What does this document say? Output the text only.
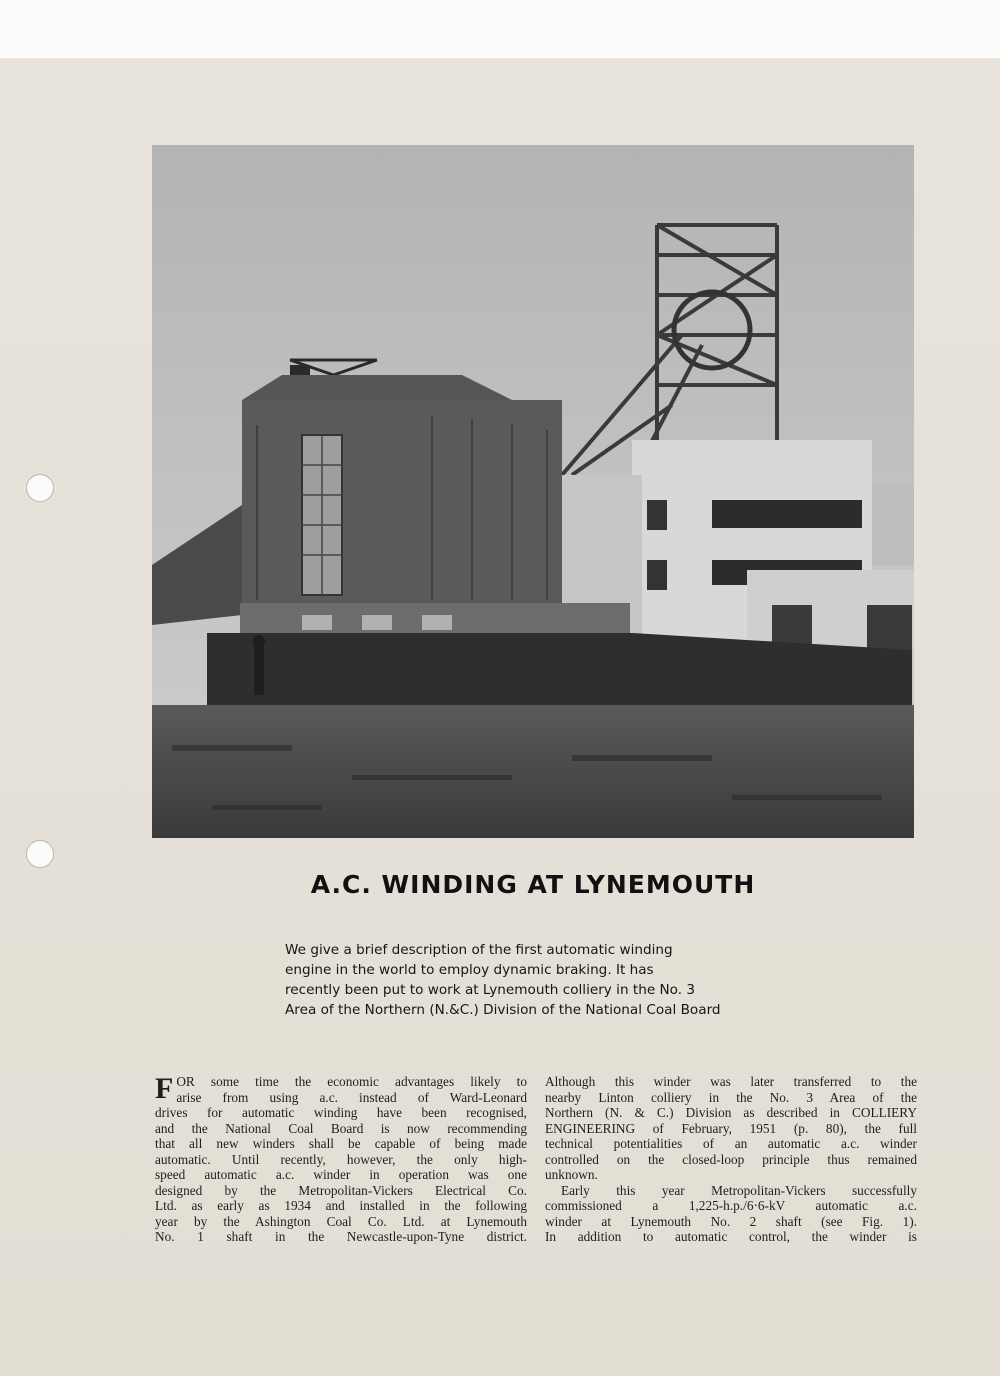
A.C. WINDING AT LYNEMOUTH

We give a brief description of the first automatic winding
engine in the world to employ dynamic braking. It has
recently been put to work at Lynemouth colliery in the No. 3
Area of the Northern (N.&C.) Division of the National Coal Board

F OR some time the economic advantages likely to
arise from using a.c. instead of Ward-Leonard
drives for automatic winding have been recognised,
and the National Coal Board is now recommending
that all new winders shall be capable of being made
automatic. Until recently, however, the only high-
speed automatic a.c. winder in operation was one
designed by the Metropolitan-Vickers Electrical Co.
Ltd. as early as 1934 and installed in the following
year by the Ashington Coal Co. Ltd. at Lynemouth
No. 1 shaft in the Newcastle-upon-Tyne district.
Although this winder was later transferred to the
nearby Linton colliery in the No. 3 Area of the
Northern (N. & C.) Division as described in COLLIERY
ENGINEERING of February, 1951 (p. 80), the full
technical potentialities of an automatic a.c. winder
controlled on the closed-loop principle thus remained
unknown.
Early this year Metropolitan-Vickers successfully
commissioned a 1,225-h.p./6·6-kV automatic a.c.
winder at Lynemouth No. 2 shaft (see Fig. 1).
In addition to automatic control, the winder is
